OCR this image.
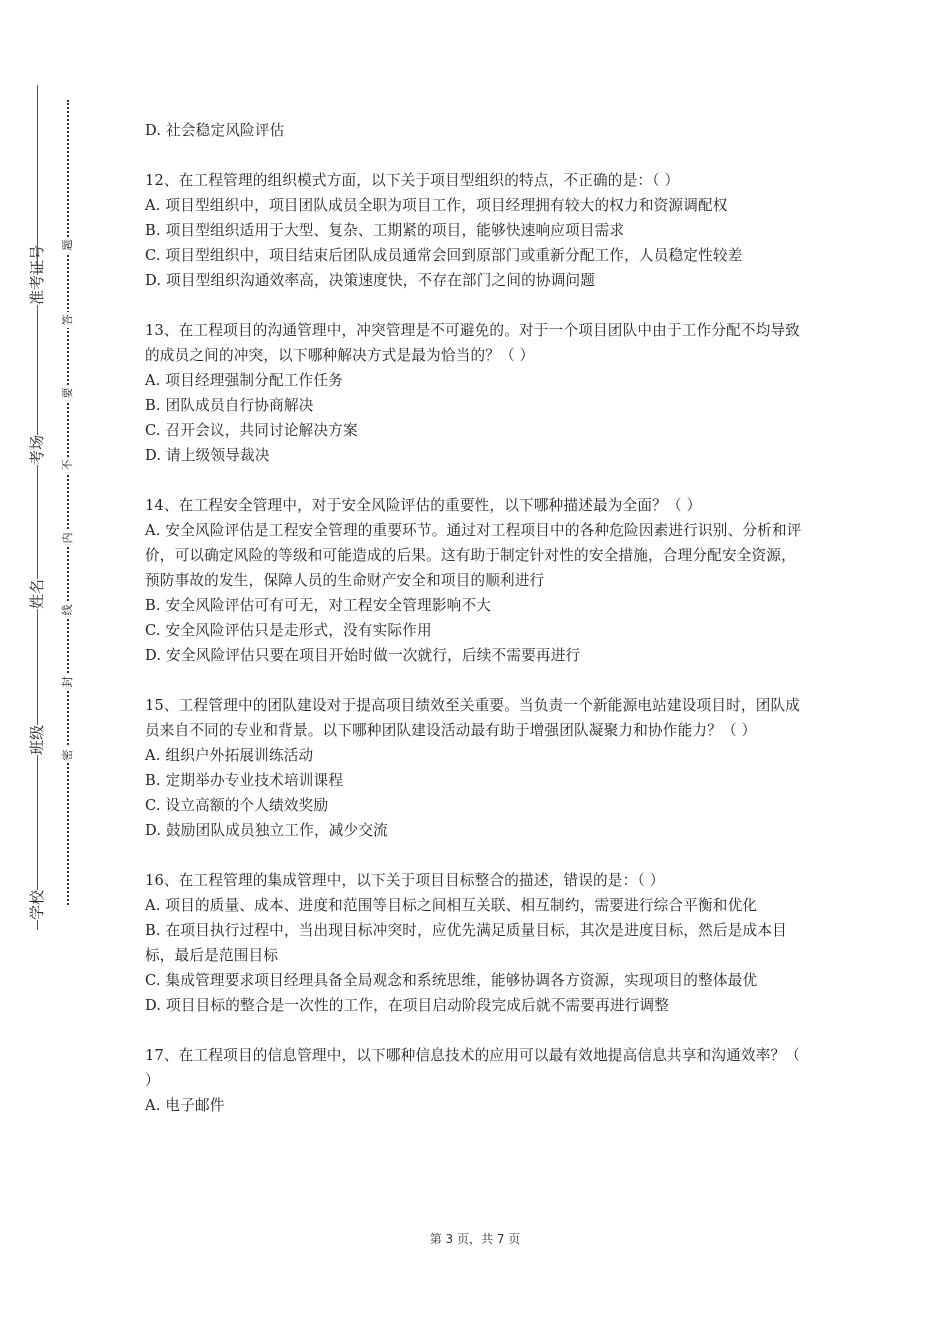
准考证号
考场
姓名
班级
学校
题
答
要
不
内
线
封
密

D. 社会稳定风险评估

12、在工程管理的组织模式方面，以下关于项目型组织的特点，不正确的是：（ ）

A. 项目型组织中，项目团队成员全职为项目工作，项目经理拥有较大的权力和资源调配权

B. 项目型组织适用于大型、复杂、工期紧的项目，能够快速响应项目需求

C. 项目型组织中，项目结束后团队成员通常会回到原部门或重新分配工作，人员稳定性较差

D. 项目型组织沟通效率高，决策速度快，不存在部门之间的协调问题

13、在工程项目的沟通管理中，冲突管理是不可避免的。对于一个项目团队中由于工作分配不均导致的成员之间的冲突，以下哪种解决方式是最为恰当的？（ ）

A. 项目经理强制分配工作任务

B. 团队成员自行协商解决

C. 召开会议，共同讨论解决方案

D. 请上级领导裁决

14、在工程安全管理中，对于安全风险评估的重要性，以下哪种描述最为全面？（ ）

A. 安全风险评估是工程安全管理的重要环节。通过对工程项目中的各种危险因素进行识别、分析和评价，可以确定风险的等级和可能造成的后果。这有助于制定针对性的安全措施，合理分配安全资源，预防事故的发生，保障人员的生命财产安全和项目的顺利进行

B. 安全风险评估可有可无，对工程安全管理影响不大

C. 安全风险评估只是走形式，没有实际作用

D. 安全风险评估只要在项目开始时做一次就行，后续不需要再进行

15、工程管理中的团队建设对于提高项目绩效至关重要。当负责一个新能源电站建设项目时，团队成员来自不同的专业和背景。以下哪种团队建设活动最有助于增强团队凝聚力和协作能力？（ ）

A. 组织户外拓展训练活动

B. 定期举办专业技术培训课程

C. 设立高额的个人绩效奖励

D. 鼓励团队成员独立工作，减少交流

16、在工程管理的集成管理中，以下关于项目目标整合的描述，错误的是：（ ）

A. 项目的质量、成本、进度和范围等目标之间相互关联、相互制约，需要进行综合平衡和优化

B. 在项目执行过程中，当出现目标冲突时，应优先满足质量目标，其次是进度目标，然后是成本目标，最后是范围目标

C. 集成管理要求项目经理具备全局观念和系统思维，能够协调各方资源，实现项目的整体最优

D. 项目目标的整合是一次性的工作，在项目启动阶段完成后就不需要再进行调整

17、在工程项目的信息管理中，以下哪种信息技术的应用可以最有效地提高信息共享和沟通效率？（ ）

A. 电子邮件

第 3 页，共 7 页
